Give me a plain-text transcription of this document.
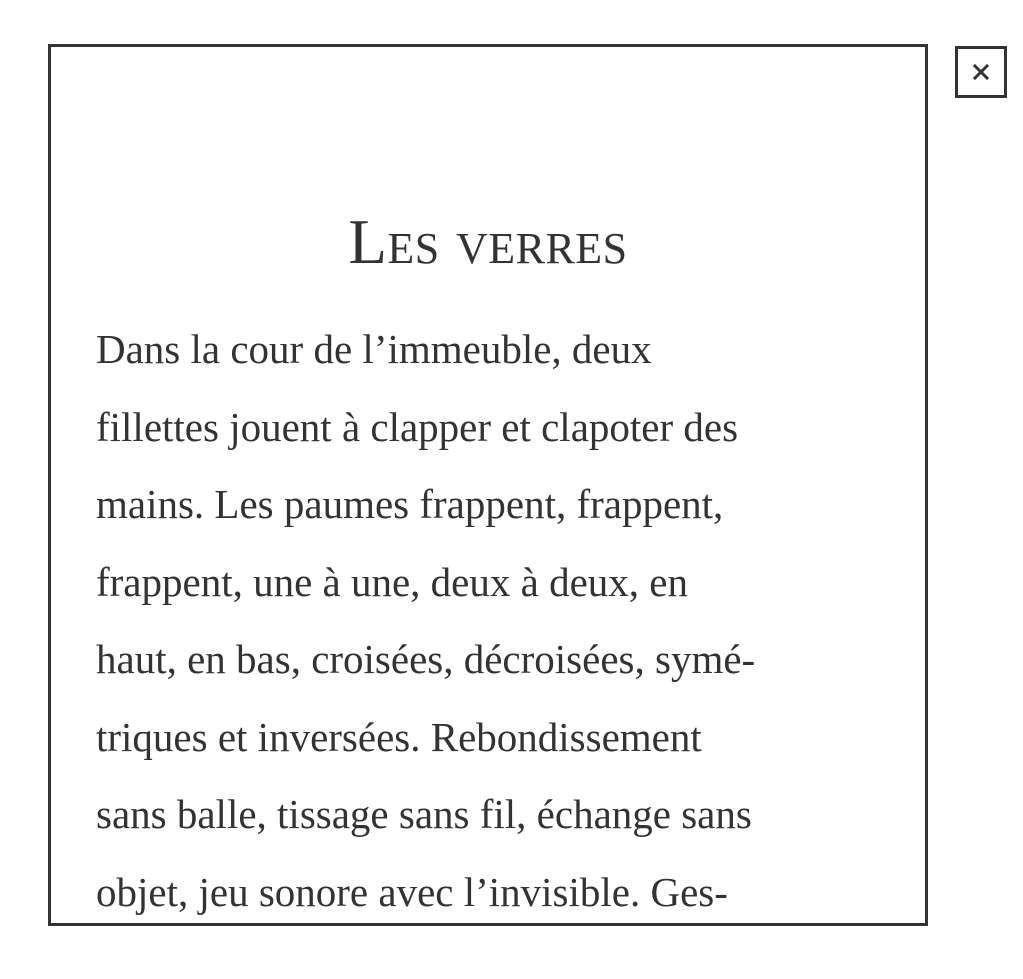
Les verres

Dans la cour de l’immeuble, deux
fillettes jouent à clapper et clapoter des
mains. Les paumes frappent, frappent,
frappent, une à une, deux à deux, en
haut, en bas, croisées, décroisées, symé-
triques et inversées. Rebondissement
sans balle, tissage sans fil, échange sans
objet, jeu sonore avec l’invisible. Ges-
